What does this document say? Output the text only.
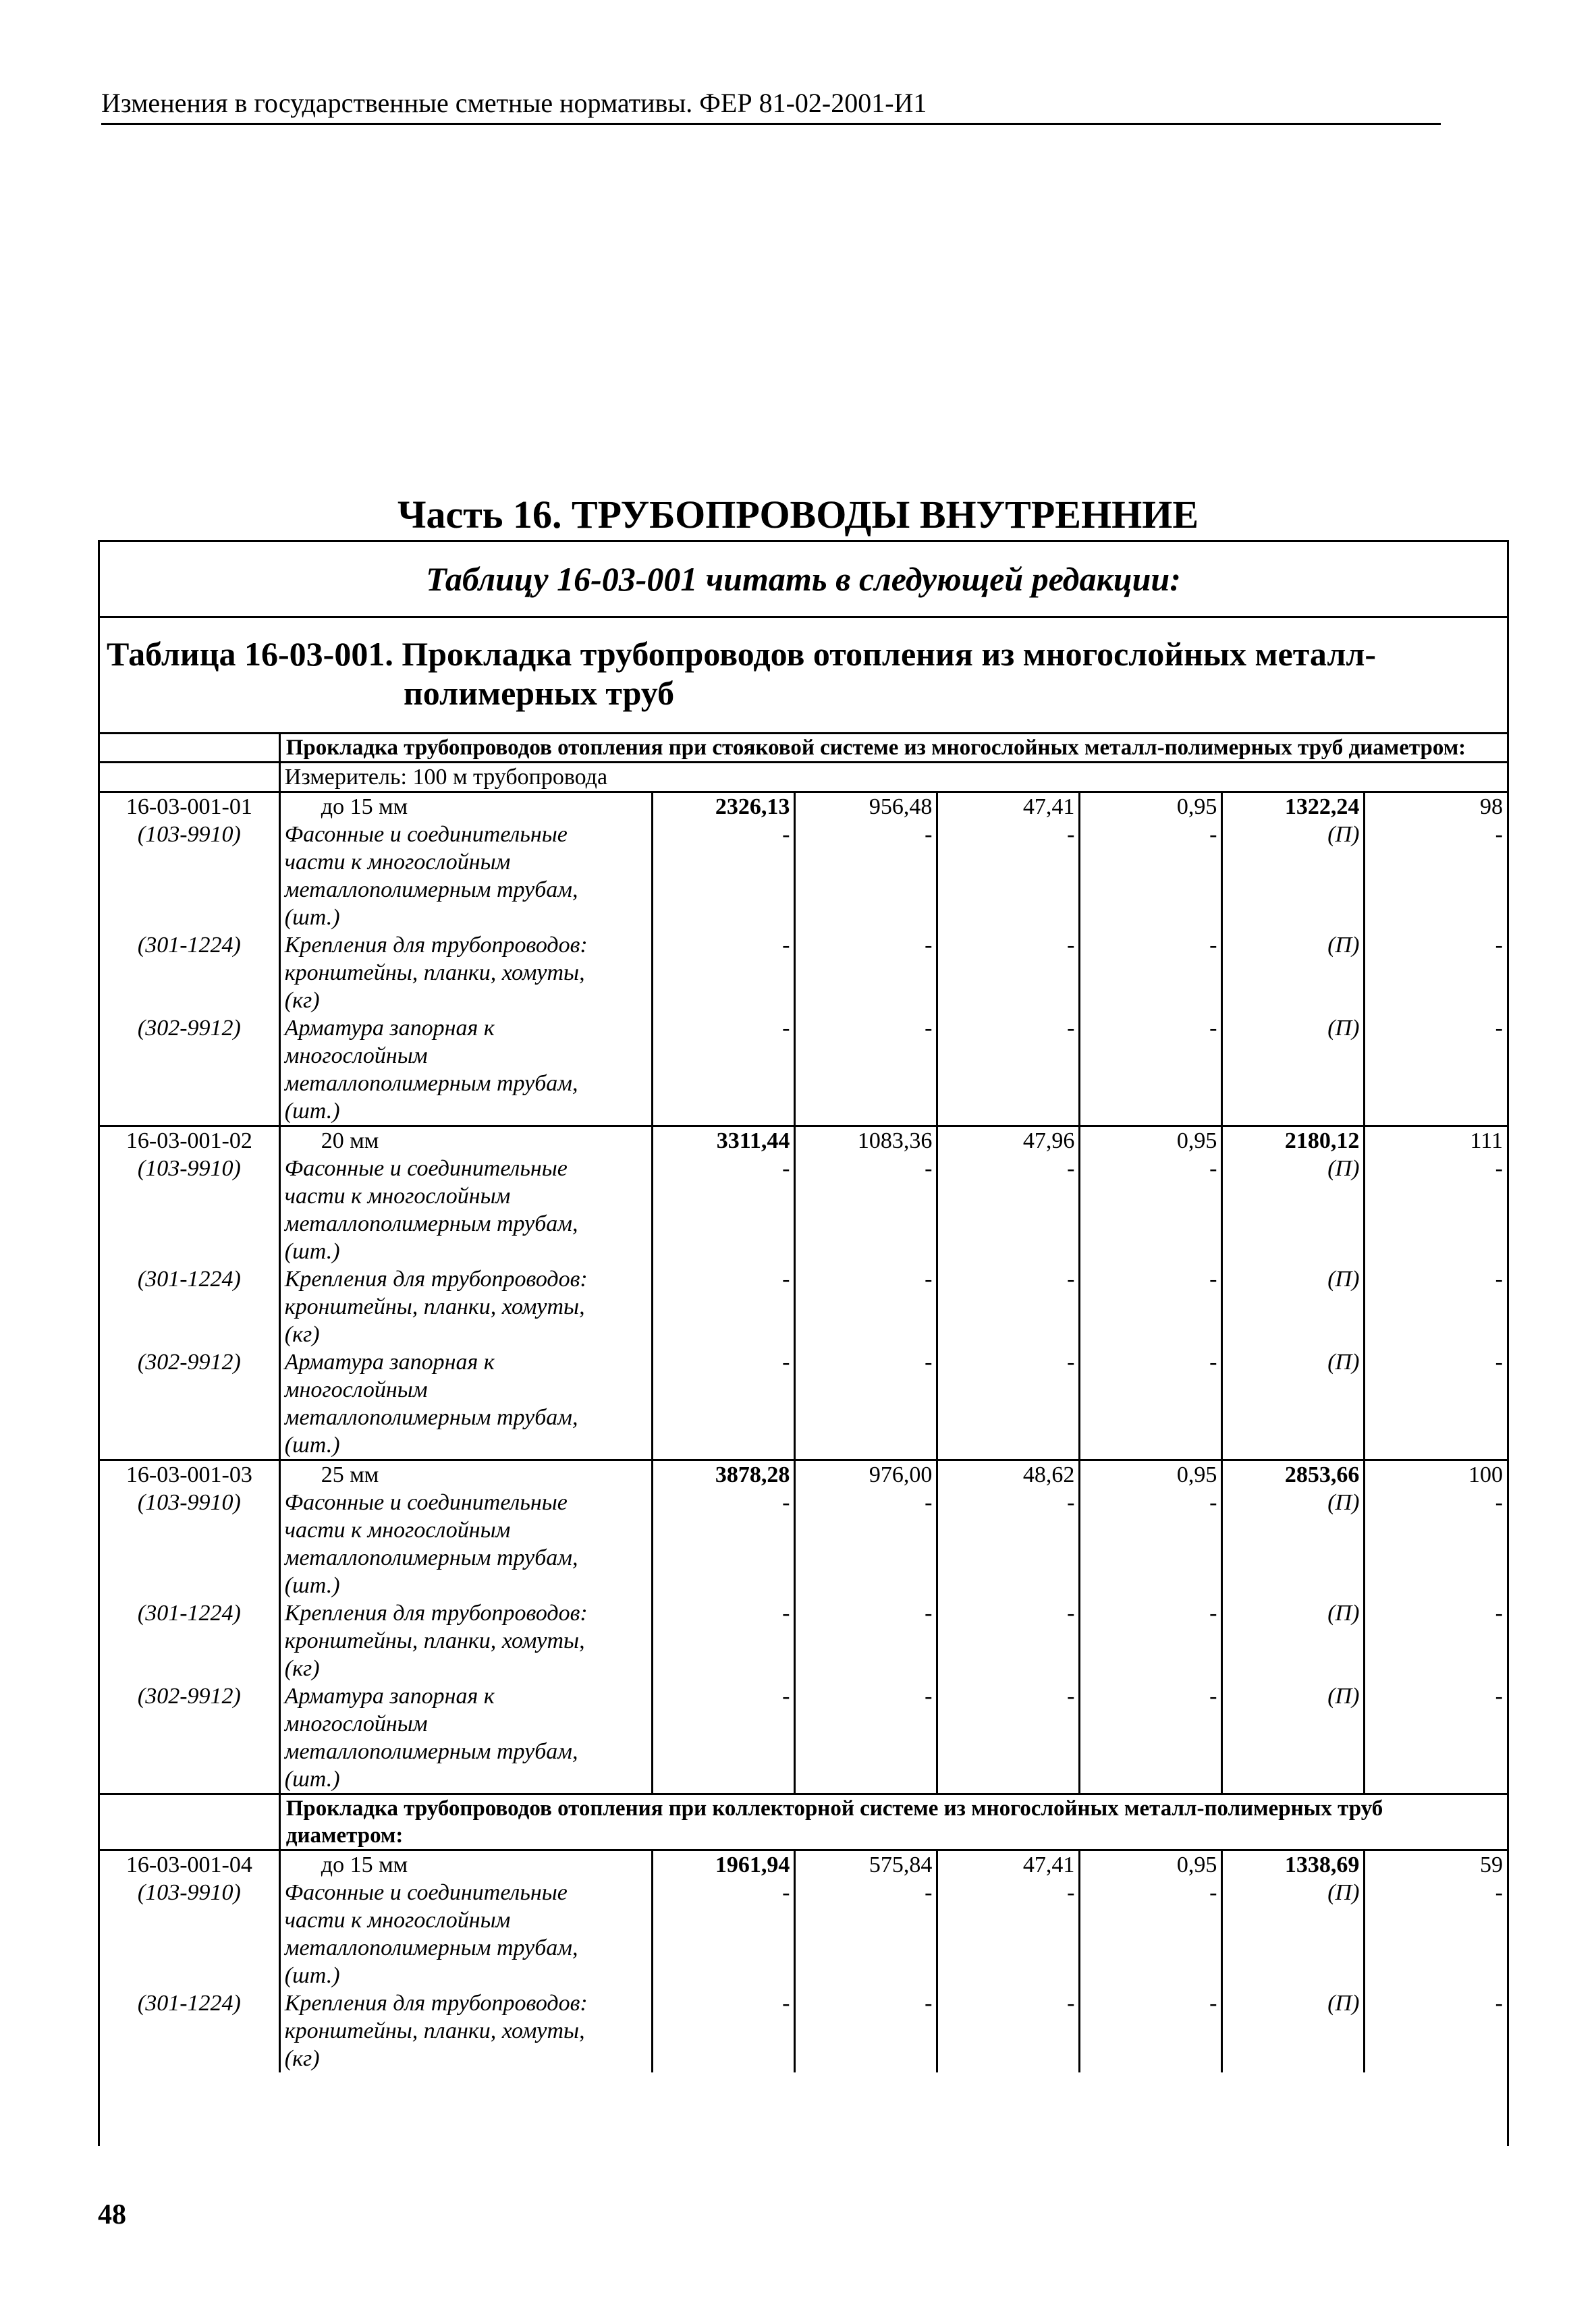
Изменения в государственные сметные нормативы. ФЕР 81-02-2001-И1
Часть 16. ТРУБОПРОВОДЫ ВНУТРЕННИЕ
Таблицу 16-03-001 читать в следующей редакции:
Таблица 16-03-001. Прокладка трубопроводов отопления из многослойных металл-
полимерных труб
	Прокладка трубопроводов отопления при стояковой системе из многослойных металл-полимерных труб диаметром:						
	Измеритель: 100 м трубопровода						
16-03-001-01	до 15 мм	2326,13	956,48	47,41	0,95	1322,24	98
(103-9910)	Фасонные и соединительные
части к многослойным
металлополимерным трубам,
(шт.)	-	-	-	-	(П)	-
(301-1224)	Крепления для трубопроводов:
кронштейны, планки, хомуты,
(кг)	-	-	-	-	(П)	-
(302-9912)	Арматура запорная к
многослойным
металлополимерным трубам,
(шт.)	-	-	-	-	(П)	-
16-03-001-02	20 мм	3311,44	1083,36	47,96	0,95	2180,12	111
(103-9910)	Фасонные и соединительные
части к многослойным
металлополимерным трубам,
(шт.)	-	-	-	-	(П)	-
(301-1224)	Крепления для трубопроводов:
кронштейны, планки, хомуты,
(кг)	-	-	-	-	(П)	-
(302-9912)	Арматура запорная к
многослойным
металлополимерным трубам,
(шт.)	-	-	-	-	(П)	-
16-03-001-03	25 мм	3878,28	976,00	48,62	0,95	2853,66	100
(103-9910)	Фасонные и соединительные
части к многослойным
металлополимерным трубам,
(шт.)	-	-	-	-	(П)	-
(301-1224)	Крепления для трубопроводов:
кронштейны, планки, хомуты,
(кг)	-	-	-	-	(П)	-
(302-9912)	Арматура запорная к
многослойным
металлополимерным трубам,
(шт.)	-	-	-	-	(П)	-
	Прокладка трубопроводов отопления при коллекторной системе из многослойных металл-полимерных труб диаметром:						
16-03-001-04	до 15 мм	1961,94	575,84	47,41	0,95	1338,69	59
(103-9910)	Фасонные и соединительные
части к многослойным
металлополимерным трубам,
(шт.)	-	-	-	-	(П)	-
(301-1224)	Крепления для трубопроводов:
кронштейны, планки, хомуты,
(кг)	-	-	-	-	(П)	-
48
